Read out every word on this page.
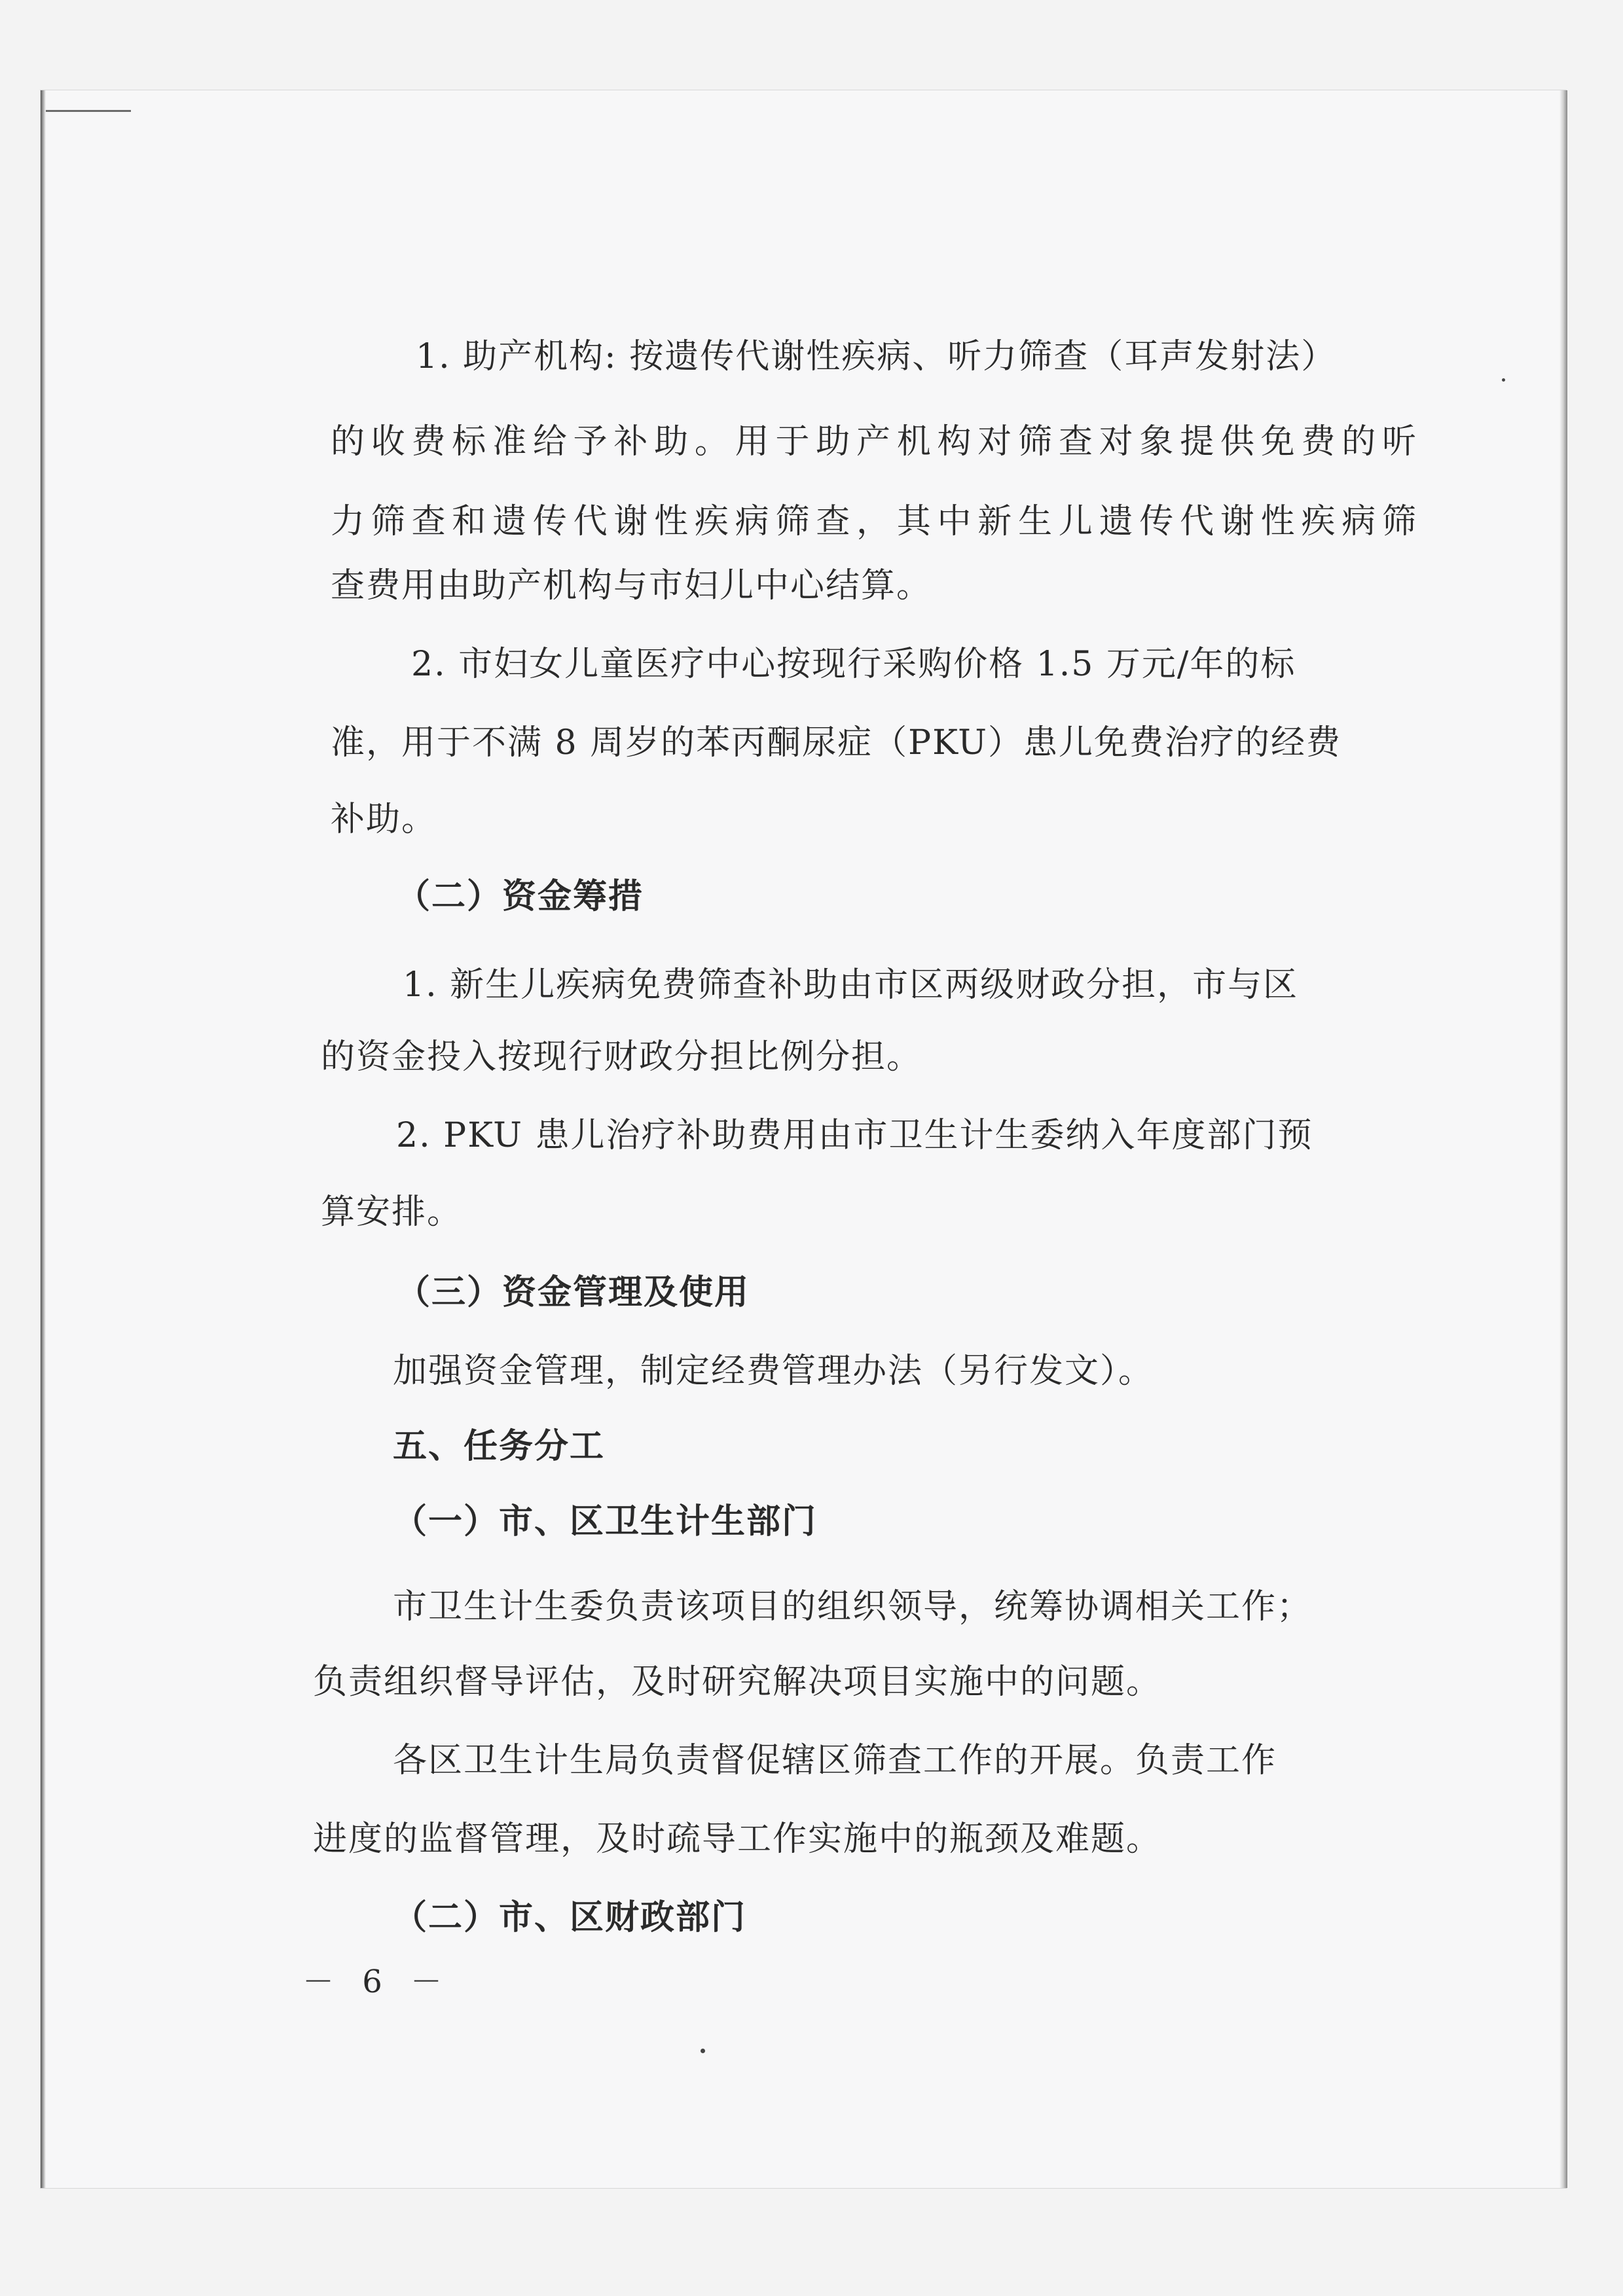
1. 助产机构: 按遗传代谢性疾病、听力筛查（耳声发射法）
的收费标准给予补助。用于助产机构对筛查对象提供免费的听
力筛查和遗传代谢性疾病筛查，其中新生儿遗传代谢性疾病筛
查费用由助产机构与市妇儿中心结算。
2. 市妇女儿童医疗中心按现行采购价格 1.5 万元/年的标
准，用于不满 8 周岁的苯丙酮尿症（PKU）患儿免费治疗的经费
补助。
（二）资金筹措
1. 新生儿疾病免费筛查补助由市区两级财政分担，市与区
的资金投入按现行财政分担比例分担。
2. PKU 患儿治疗补助费用由市卫生计生委纳入年度部门预
算安排。
（三）资金管理及使用
加强资金管理，制定经费管理办法（另行发文）。
五、任务分工
（一）市、区卫生计生部门
市卫生计生委负责该项目的组织领导，统筹协调相关工作；
负责组织督导评估，及时研究解决项目实施中的问题。
各区卫生计生局负责督促辖区筛查工作的开展。负责工作
进度的监督管理，及时疏导工作实施中的瓶颈及难题。
（二）市、区财政部门
－ 6 －
